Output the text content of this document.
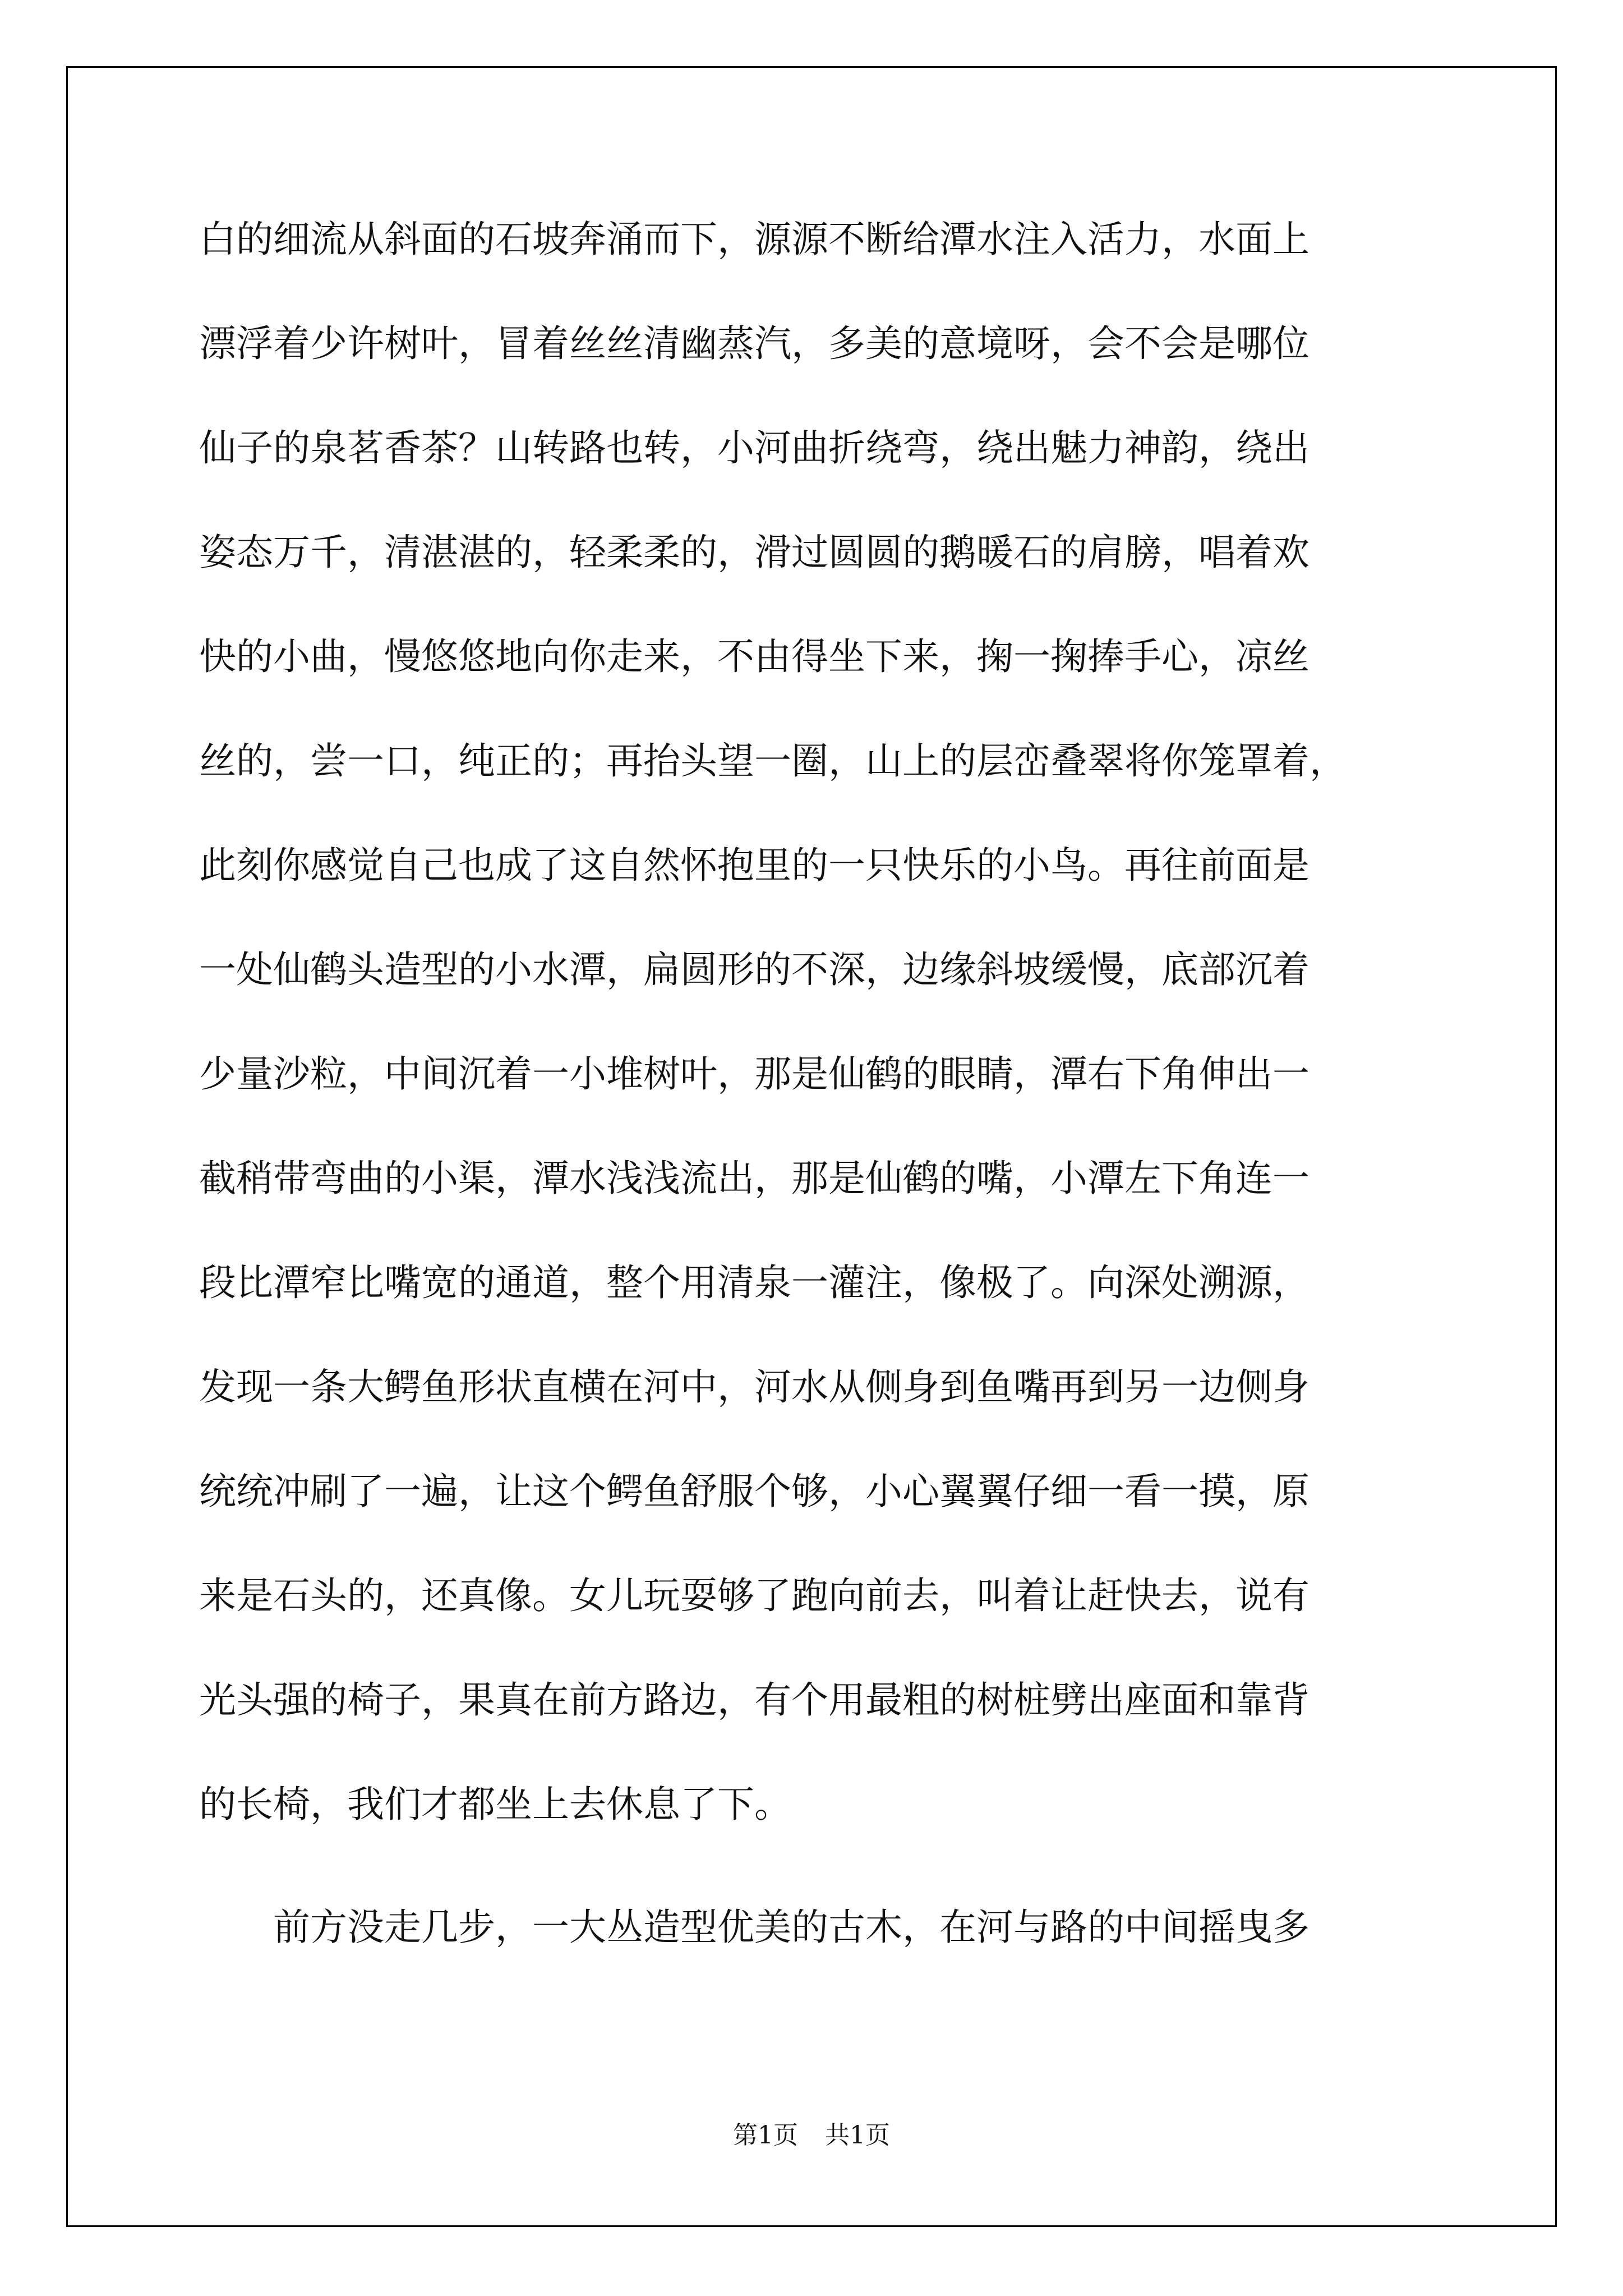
白的细流从斜面的石坡奔涌而下，源源不断给潭水注入活力，水面上
漂浮着少许树叶，冒着丝丝清幽蒸汽，多美的意境呀，会不会是哪位
仙子的泉茗香茶？山转路也转，小河曲折绕弯，绕出魅力神韵，绕出
姿态万千，清湛湛的，轻柔柔的，滑过圆圆的鹅暖石的肩膀，唱着欢
快的小曲，慢悠悠地向你走来，不由得坐下来，掬一掬捧手心，凉丝
丝的，尝一口，纯正的；再抬头望一圈，山上的层峦叠翠将你笼罩着，
此刻你感觉自己也成了这自然怀抱里的一只快乐的小鸟。再往前面是
一处仙鹤头造型的小水潭，扁圆形的不深，边缘斜坡缓慢，底部沉着
少量沙粒，中间沉着一小堆树叶，那是仙鹤的眼睛，潭右下角伸出一
截稍带弯曲的小渠，潭水浅浅流出，那是仙鹤的嘴，小潭左下角连一
段比潭窄比嘴宽的通道，整个用清泉一灌注，像极了。向深处溯源，
发现一条大鳄鱼形状直横在河中，河水从侧身到鱼嘴再到另一边侧身
统统冲刷了一遍，让这个鳄鱼舒服个够，小心翼翼仔细一看一摸，原
来是石头的，还真像。女儿玩耍够了跑向前去，叫着让赶快去，说有
光头强的椅子，果真在前方路边，有个用最粗的树桩劈出座面和靠背
的长椅，我们才都坐上去休息了下。
前方没走几步，一大丛造型优美的古木，在河与路的中间摇曳多
第1页 共1页
